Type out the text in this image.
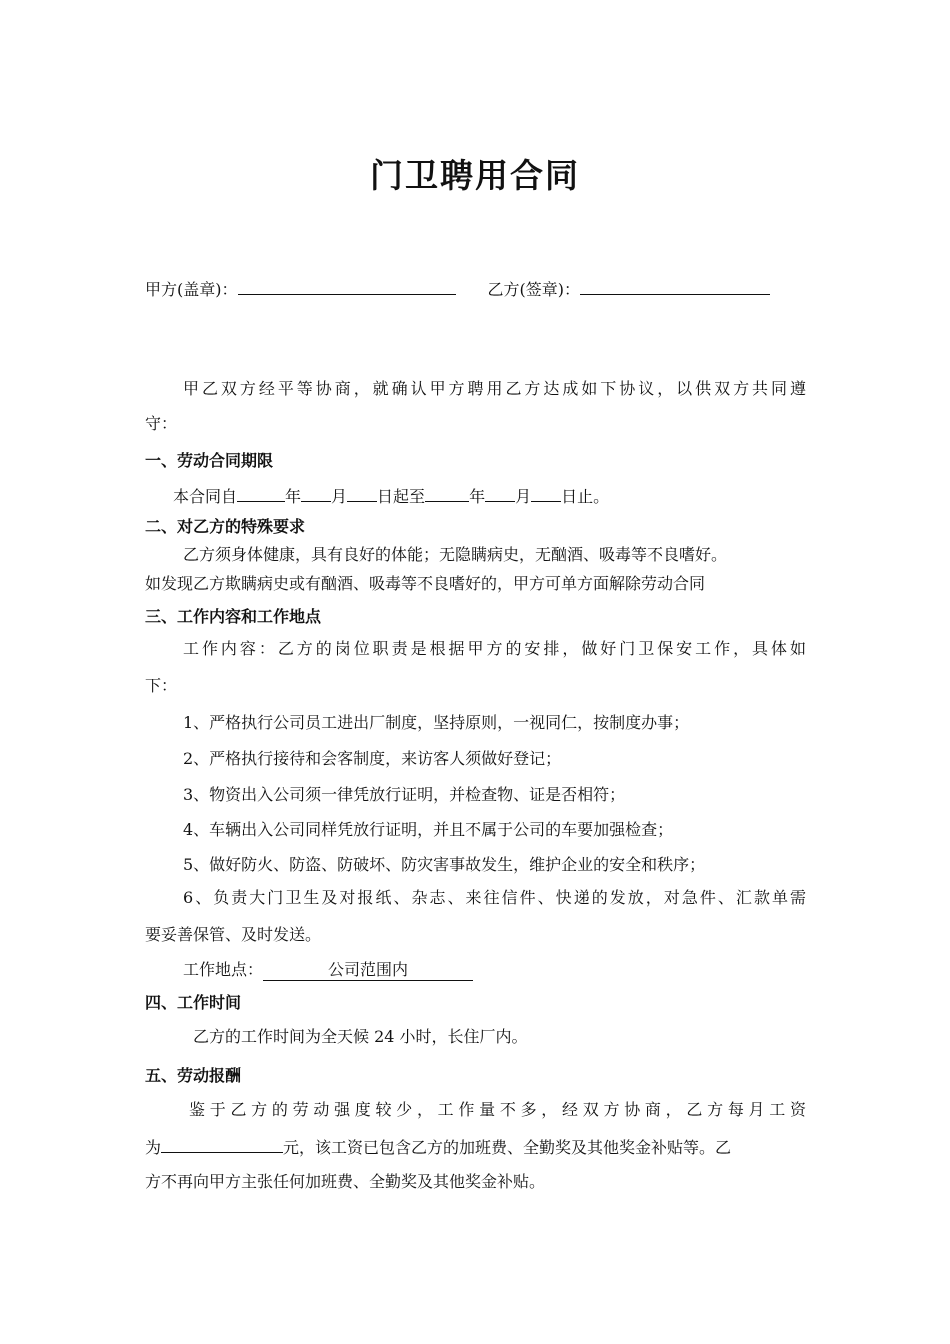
门卫聘用合同
甲方(盖章)：	乙方(签章)：
甲乙双方经平等协商，就确认甲方聘用乙方达成如下协议，以供双方共同遵
守：
一、劳动合同期限
本合同自	年 月 日起至	年 月 日止。
二、对乙方的特殊要求
乙方须身体健康，具有良好的体能；无隐瞒病史，无酗酒、吸毒等不良嗜好。
如发现乙方欺瞒病史或有酗酒、吸毒等不良嗜好的，甲方可单方面解除劳动合同
三、工作内容和工作地点
工作内容：乙方的岗位职责是根据甲方的安排，做好门卫保安工作，具体如
下：
1、严格执行公司员工进出厂制度，坚持原则，一视同仁，按制度办事；
2、严格执行接待和会客制度，来访客人须做好登记；
3、物资出入公司须一律凭放行证明，并检查物、证是否相符；
4、车辆出入公司同样凭放行证明，并且不属于公司的车要加强检查；
5、做好防火、防盗、防破坏、防灾害事故发生，维护企业的安全和秩序；
6、负责大门卫生及对报纸、杂志、来往信件、快递的发放，对急件、汇款单需
要妥善保管、及时发送。
工作地点：	公司范围内
四、工作时间
乙方的工作时间为全天候 24 小时，长住厂内。
五、劳动报酬
鉴于乙方的劳动强度较少，工作量不多，经双方协商，乙方每月工资
为	元，该工资已包含乙方的加班费、全勤奖及其他奖金补贴等。乙
方不再向甲方主张任何加班费、全勤奖及其他奖金补贴。
